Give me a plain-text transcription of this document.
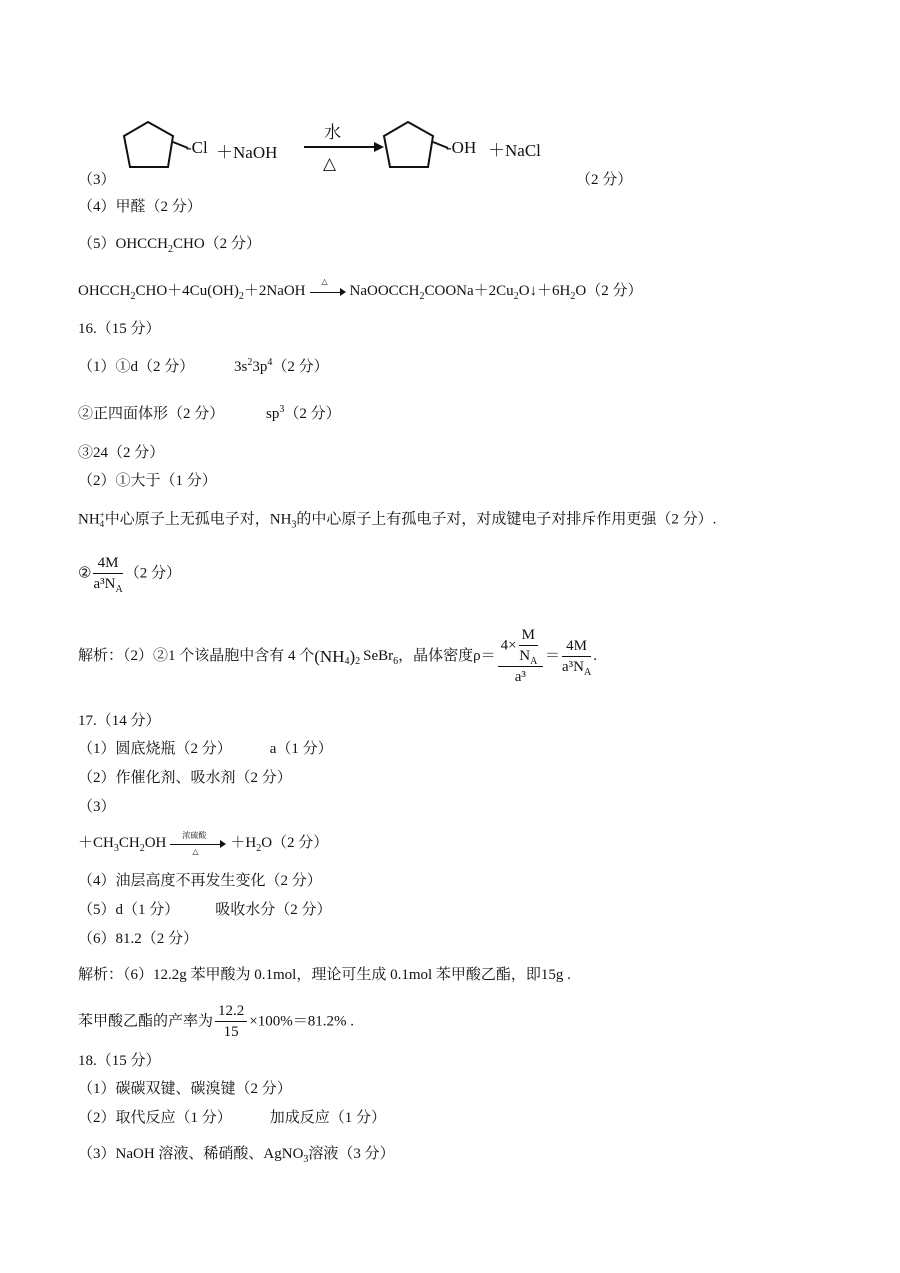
（3）
-Cl ＋NaOH
水
△
-OH ＋NaCl
（2 分）
（4）甲醛（2 分）
$(5)OHCCH_2CHO(2$ 分）
$OHCCH_2CHO+4Cu(OH)_2+2NaOH$
△
$NaOOCCH_2COONa+2Cu_2O↓+6H_2O(2$ 分）
16.（15 分）
（1）①d（2 分）	$3s^23p^4(2$ 分）
②正四面体形（2 分）	$sp^3(2$ 分）
③24（2 分）
（2）①大于（1 分）
NH +
4 中心原子上无孤电子对，$NH_3$的中心原子上有孤电子对，对成键电子对排斥作用更强（2 分）.
② $\frac{4M}{a^3N_A} (2$ 分）
解析：（2）②1 个该晶胞中含有 4 个$(NH_4)_2$ SeBr$_6$，晶体密度$\rho= \frac{4\times \frac{M}{N_A}}{\text{a³}} = \frac{4M}{a^3N_A}$ .
17.（14 分）
（1）圆底烧瓶（2 分）	a（1 分）
（2）作催化剂、吸水剂（2 分）
（3）
$+CH_3CH_2OH$ 浓硫酸
△
$+H_2O(2$ 分）
（4）油层高度不再发生变化（2 分）
（5）d（1 分） 吸收水分（2 分）
（6）81.2（2 分）
解析：（6）12.2g 苯甲酸为 0.1mol，理论可生成 0.1mol 苯甲酸乙酯，即15g .
苯甲酸乙酯的产率为 $\frac{12.2}{15} \times 100\%=81.2\%$ .
18.（15 分）
（1）碳碳双键、碳溴键（2 分）
（2）取代反应（1 分）	加成反应（1 分）
（3）NaOH 溶液、稀硝酸、AgNO$_3$溶液（3 分）
